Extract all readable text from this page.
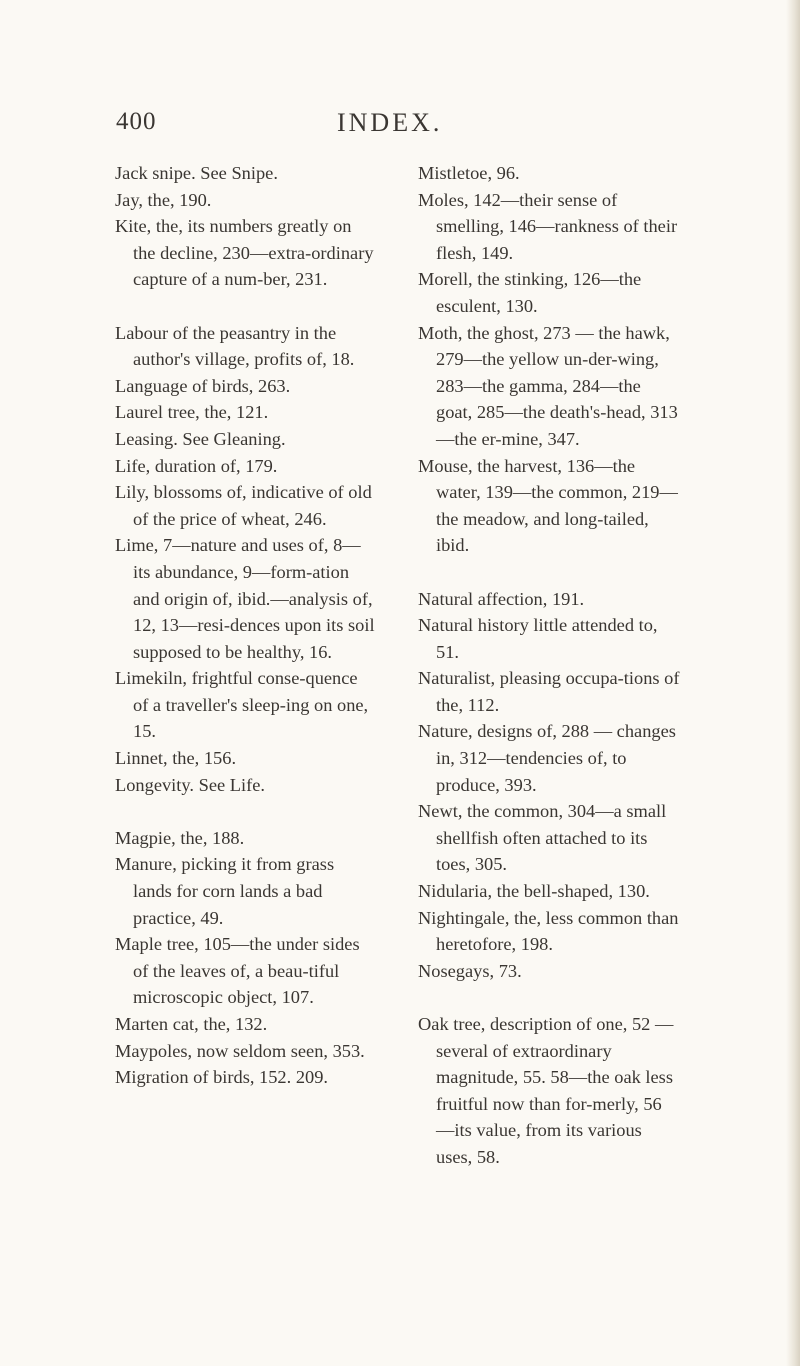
400	INDEX.

Jack snipe. See Snipe.

Jay, the, 190.

Kite, the, its numbers greatly on the decline, 230—extra-ordinary capture of a num-ber, 231.

Labour of the peasantry in the author's village, profits of, 18.

Language of birds, 263.

Laurel tree, the, 121.

Leasing. See Gleaning.

Life, duration of, 179.

Lily, blossoms of, indicative of old of the price of wheat, 246.

Lime, 7—nature and uses of, 8—its abundance, 9—form-ation and origin of, ibid.—analysis of, 12, 13—resi-dences upon its soil supposed to be healthy, 16.

Limekiln, frightful conse-quence of a traveller's sleep-ing on one, 15.

Linnet, the, 156.

Longevity. See Life.

Magpie, the, 188.

Manure, picking it from grass lands for corn lands a bad practice, 49.

Maple tree, 105—the under sides of the leaves of, a beau-tiful microscopic object, 107.

Marten cat, the, 132.

Maypoles, now seldom seen, 353.

Migration of birds, 152. 209.

Mistletoe, 96.

Moles, 142—their sense of smelling, 146—rankness of their flesh, 149.

Morell, the stinking, 126—the esculent, 130.

Moth, the ghost, 273 — the hawk, 279—the yellow un-der-wing, 283—the gamma, 284—the goat, 285—the death's-head, 313—the er-mine, 347.

Mouse, the harvest, 136—the water, 139—the common, 219—the meadow, and long-tailed, ibid.

Natural affection, 191.

Natural history little attended to, 51.

Naturalist, pleasing occupa-tions of the, 112.

Nature, designs of, 288 — changes in, 312—tendencies of, to produce, 393.

Newt, the common, 304—a small shellfish often attached to its toes, 305.

Nidularia, the bell-shaped, 130.

Nightingale, the, less common than heretofore, 198.

Nosegays, 73.

Oak tree, description of one, 52 —several of extraordinary magnitude, 55. 58—the oak less fruitful now than for-merly, 56—its value, from its various uses, 58.
